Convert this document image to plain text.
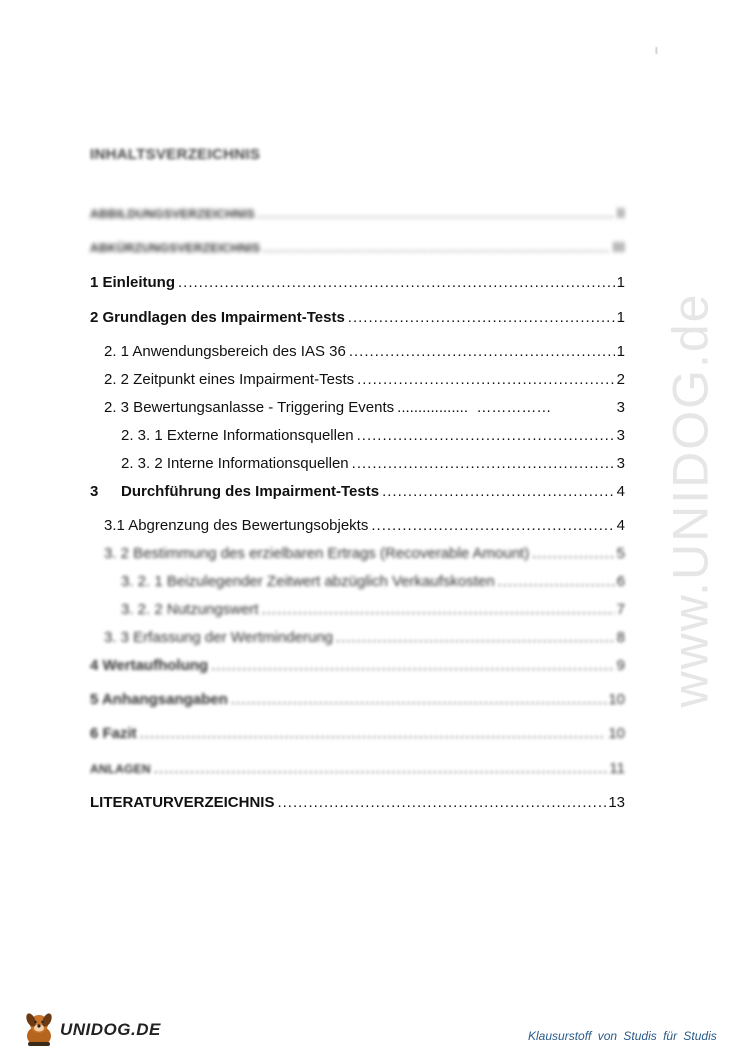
I
INHALTSVERZEICHNIS
ABBILDUNGSVERZEICHNIS .....	II
ABKÜRZUNGSVERZEICHNIS .....	III
1 Einleitung .....	1
2 Grundlagen des Impairment-Tests .....	1
2. 1 Anwendungsbereich des IAS 36 .....	1
2. 2 Zeitpunkt eines Impairment-Tests .....	2
2. 3 Bewertungsanlasse - Triggering Events .................  ……………	3
2. 3. 1 Externe Informationsquellen .....	3
2. 3. 2 Interne Informationsquellen .....	3
3 Durchführung des Impairment-Tests .....	4
3.1 Abgrenzung des Bewertungsobjekts .....	4
3. 2 Bestimmung des erzielbaren Ertrags (Recoverable Amount) .....	5
3. 2. 1 Beizulegender Zeitwert abzüglich Verkaufskosten .....	6
3. 2. 2 Nutzungswert .....	7
3. 3 Erfassung der Wertminderung .....	8
4 Wertaufholung .....	9
5 Anhangsangaben .....	10
6 Fazit .....	10
ANLAGEN .....	11
LITERATURVERZEICHNIS .....	13
www.UNIDOG.de
UNIDOG.DE	Klausurstoff von Studis für Studis
